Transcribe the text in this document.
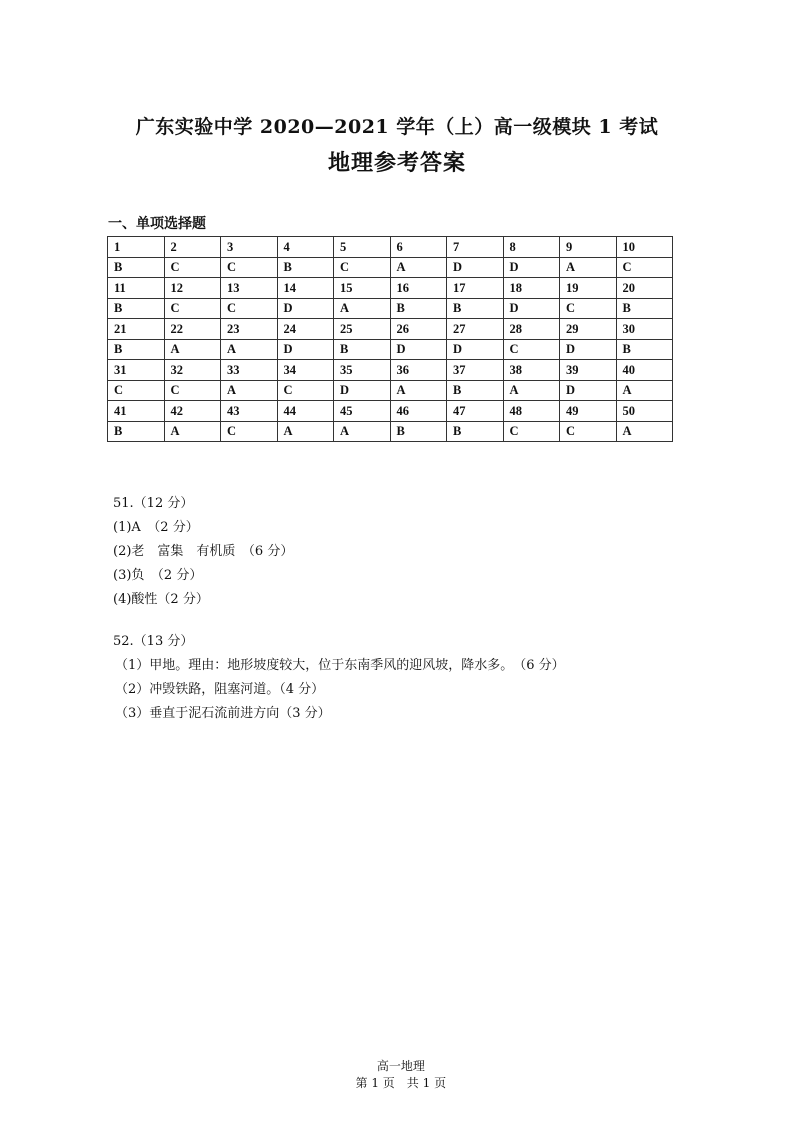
广东实验中学 2020—2021 学年（上）高一级模块 1 考试
地理参考答案
一、单项选择题
1	2	3	4	5	6	7	8	9	10
B	C	C	B	C	A	D	D	A	C
11	12	13	14	15	16	17	18	19	20
B	C	C	D	A	B	B	D	C	B
21	22	23	24	25	26	27	28	29	30
B	A	A	D	B	D	D	C	D	B
31	32	33	34	35	36	37	38	39	40
C	C	A	C	D	A	B	A	D	A
41	42	43	44	45	46	47	48	49	50
B	A	C	A	A	B	B	C	C	A
51.（12 分）
(1)A　（2 分）
(2)老　富集　有机质　（6 分）
(3)负　（2 分）
(4)酸性（2 分）
52.（13 分）
（1）甲地。理由：地形坡度较大，位于东南季风的迎风坡，降水多。　（6 分）
（2）冲毁铁路，阻塞河道。（4 分）
（3）垂直于泥石流前进方向（3 分）

高一地理
第 1 页　共 1 页
